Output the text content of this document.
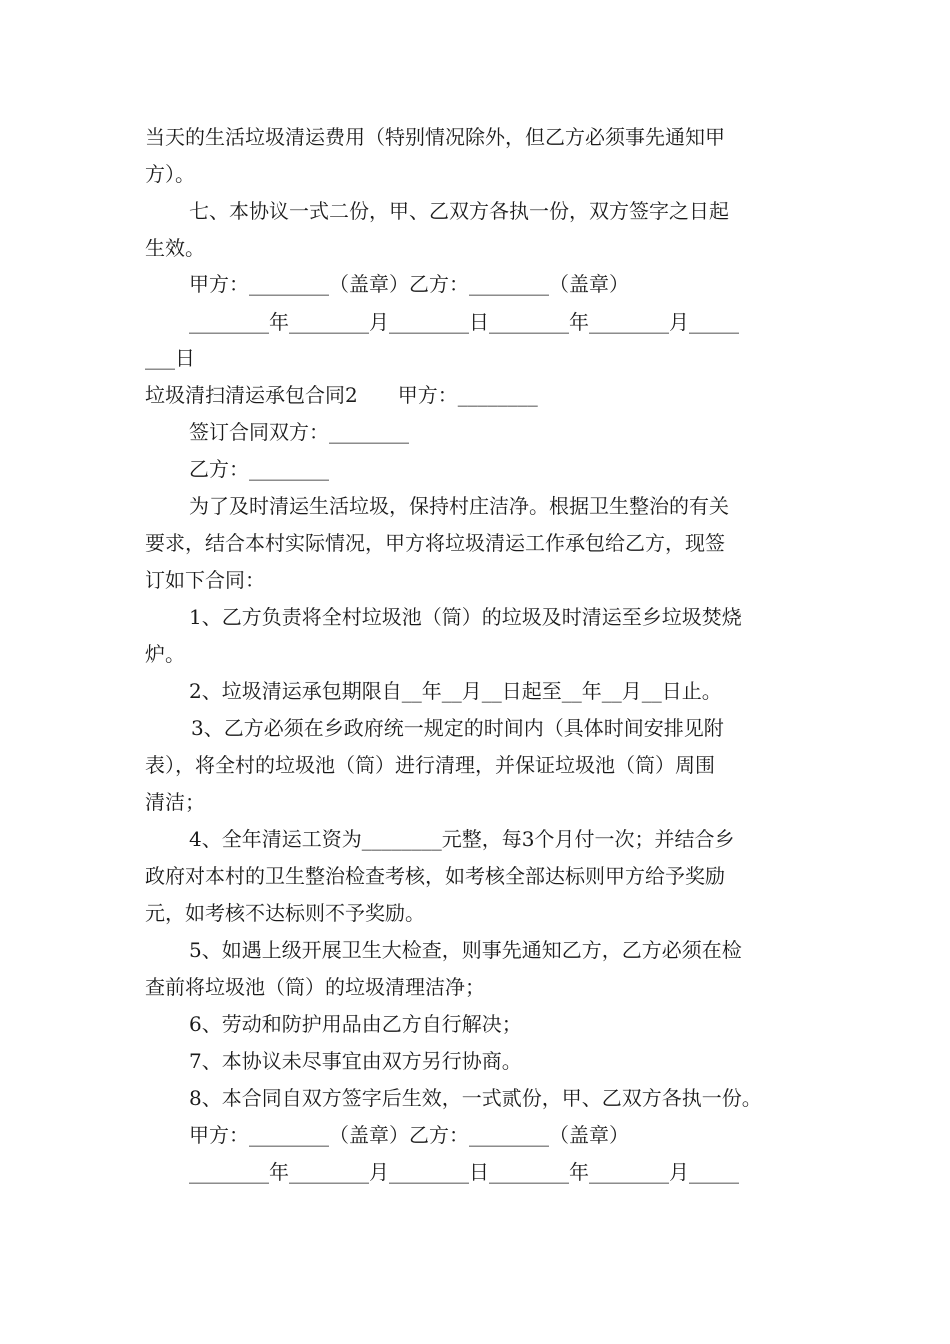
当天的生活垃圾清运费用（特别情况除外，但乙方必须事先通知甲
方）。
七、本协议一式二份，甲、乙双方各执一份，双方签字之日起
生效。
甲方：________（盖章）乙方：________（盖章）
________年________月________日________年________月_____
___日
垃圾清扫清运承包合同2　　甲方：________
签订合同双方：________
乙方：________
为了及时清运生活垃圾，保持村庄洁净。根据卫生整治的有关
要求，结合本村实际情况，甲方将垃圾清运工作承包给乙方，现签
订如下合同：
1、乙方负责将全村垃圾池（筒）的垃圾及时清运至乡垃圾焚烧
炉。
2、垃圾清运承包期限自__年__月__日起至__年__月__日止。
3、乙方必须在乡政府统一规定的时间内（具体时间安排见附
表），将全村的垃圾池（筒）进行清理，并保证垃圾池（筒）周围
清洁；
4、全年清运工资为________元整，每3个月付一次；并结合乡
政府对本村的卫生整治检查考核，如考核全部达标则甲方给予奖励
元，如考核不达标则不予奖励。
5、如遇上级开展卫生大检查，则事先通知乙方，乙方必须在检
查前将垃圾池（筒）的垃圾清理洁净；
6、劳动和防护用品由乙方自行解决；
7、本协议未尽事宜由双方另行协商。
8、本合同自双方签字后生效，一式贰份，甲、乙双方各执一份。
甲方：________（盖章）乙方：________（盖章）
________年________月________日________年________月_____
